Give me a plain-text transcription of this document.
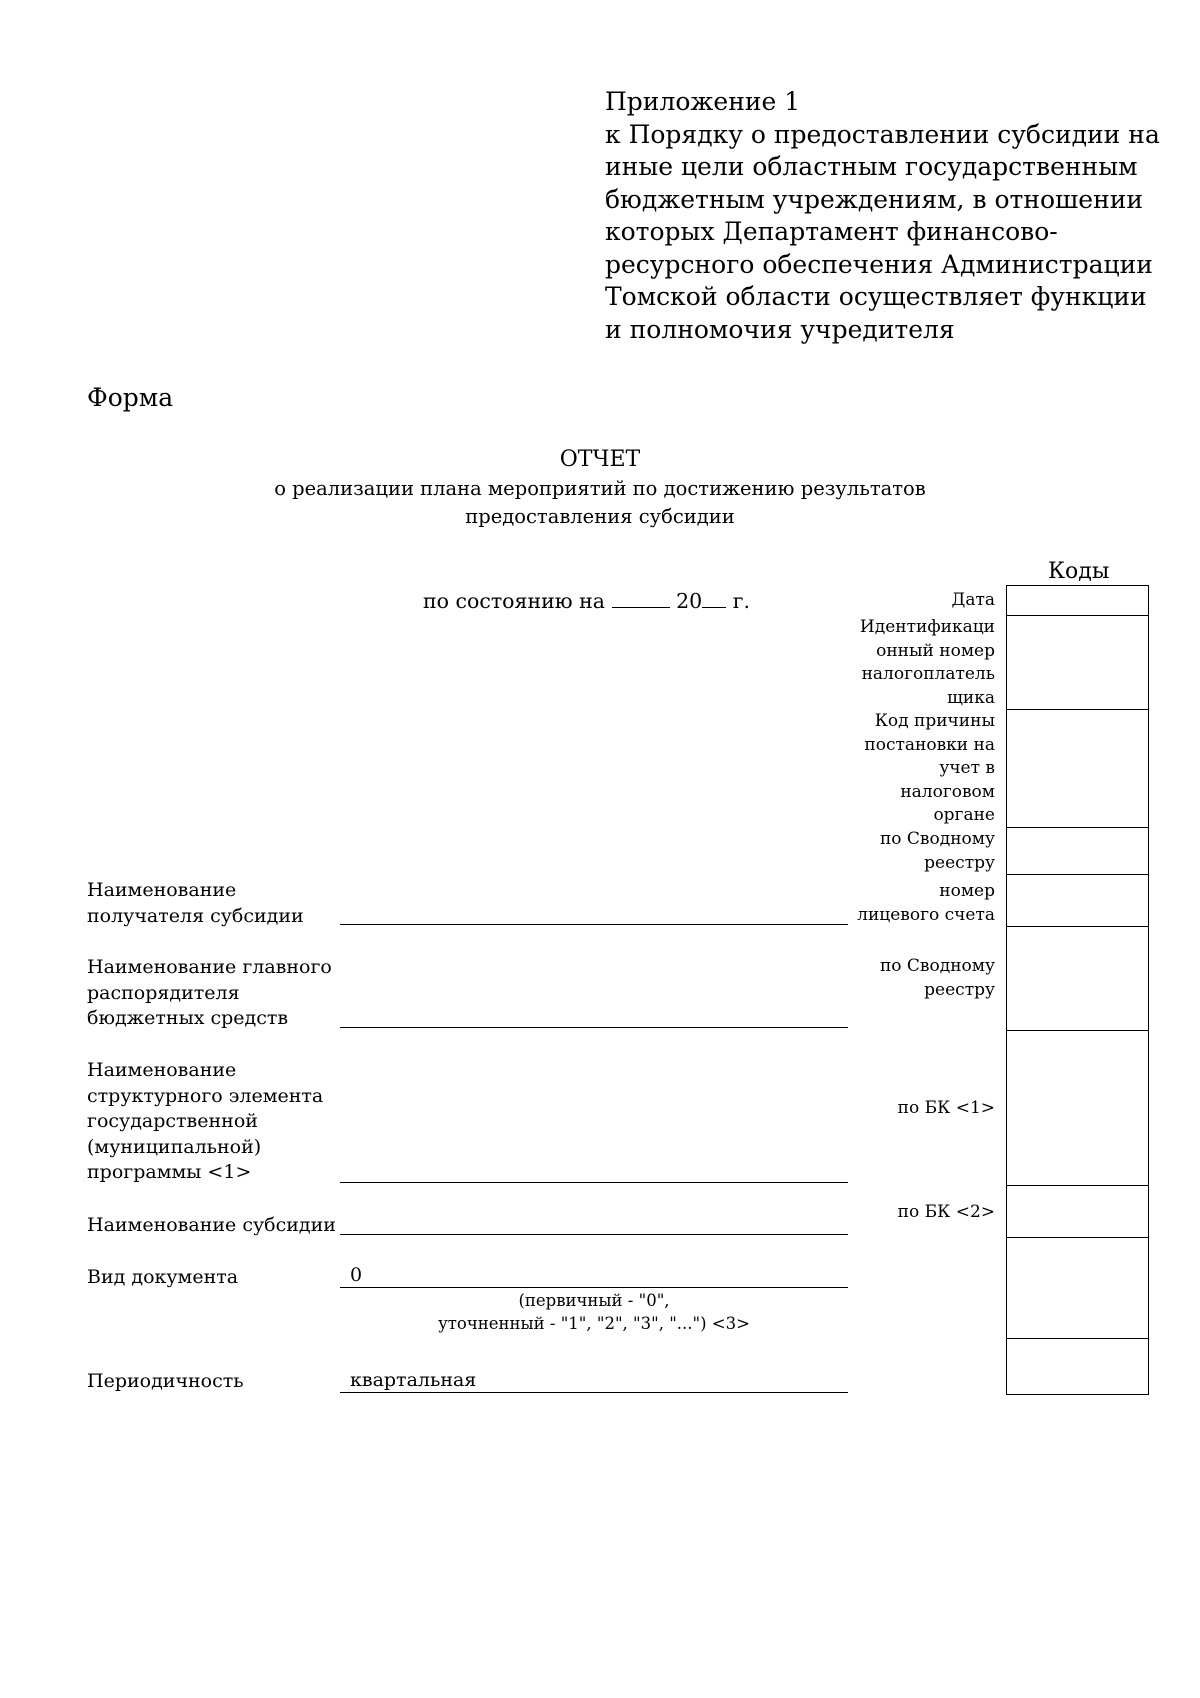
Приложение 1
к Порядку о предоставлении субсидии на
иные цели областным государственным
бюджетным учреждениям, в отношении
которых Департамент финансово-
ресурсного обеспечения Администрации
Томской области осуществляет функции
и полномочия учредителя
Форма
ОТЧЕТ
о реализации плана мероприятий по достижению результатов
предоставления субсидии
по состоянию на	20 г.
Коды
Дата
Идентификаци
онный номер
налогоплатель
щика
Код причины
постановки на
учет в
налоговом
органе
по Сводному
реестру
номер
лицевого счета
по Сводному
реестру
по БК <1>
по БК <2>
Наименование
получателя субсидии
Наименование главного
распорядителя
бюджетных средств
Наименование
структурного элемента
государственной
(муниципальной)
программы <1>
Наименование субсидии
Вид документа
Периодичность
0
(первичный - "0",
уточненный - "1", "2", "3", "...") <3>
квартальная
